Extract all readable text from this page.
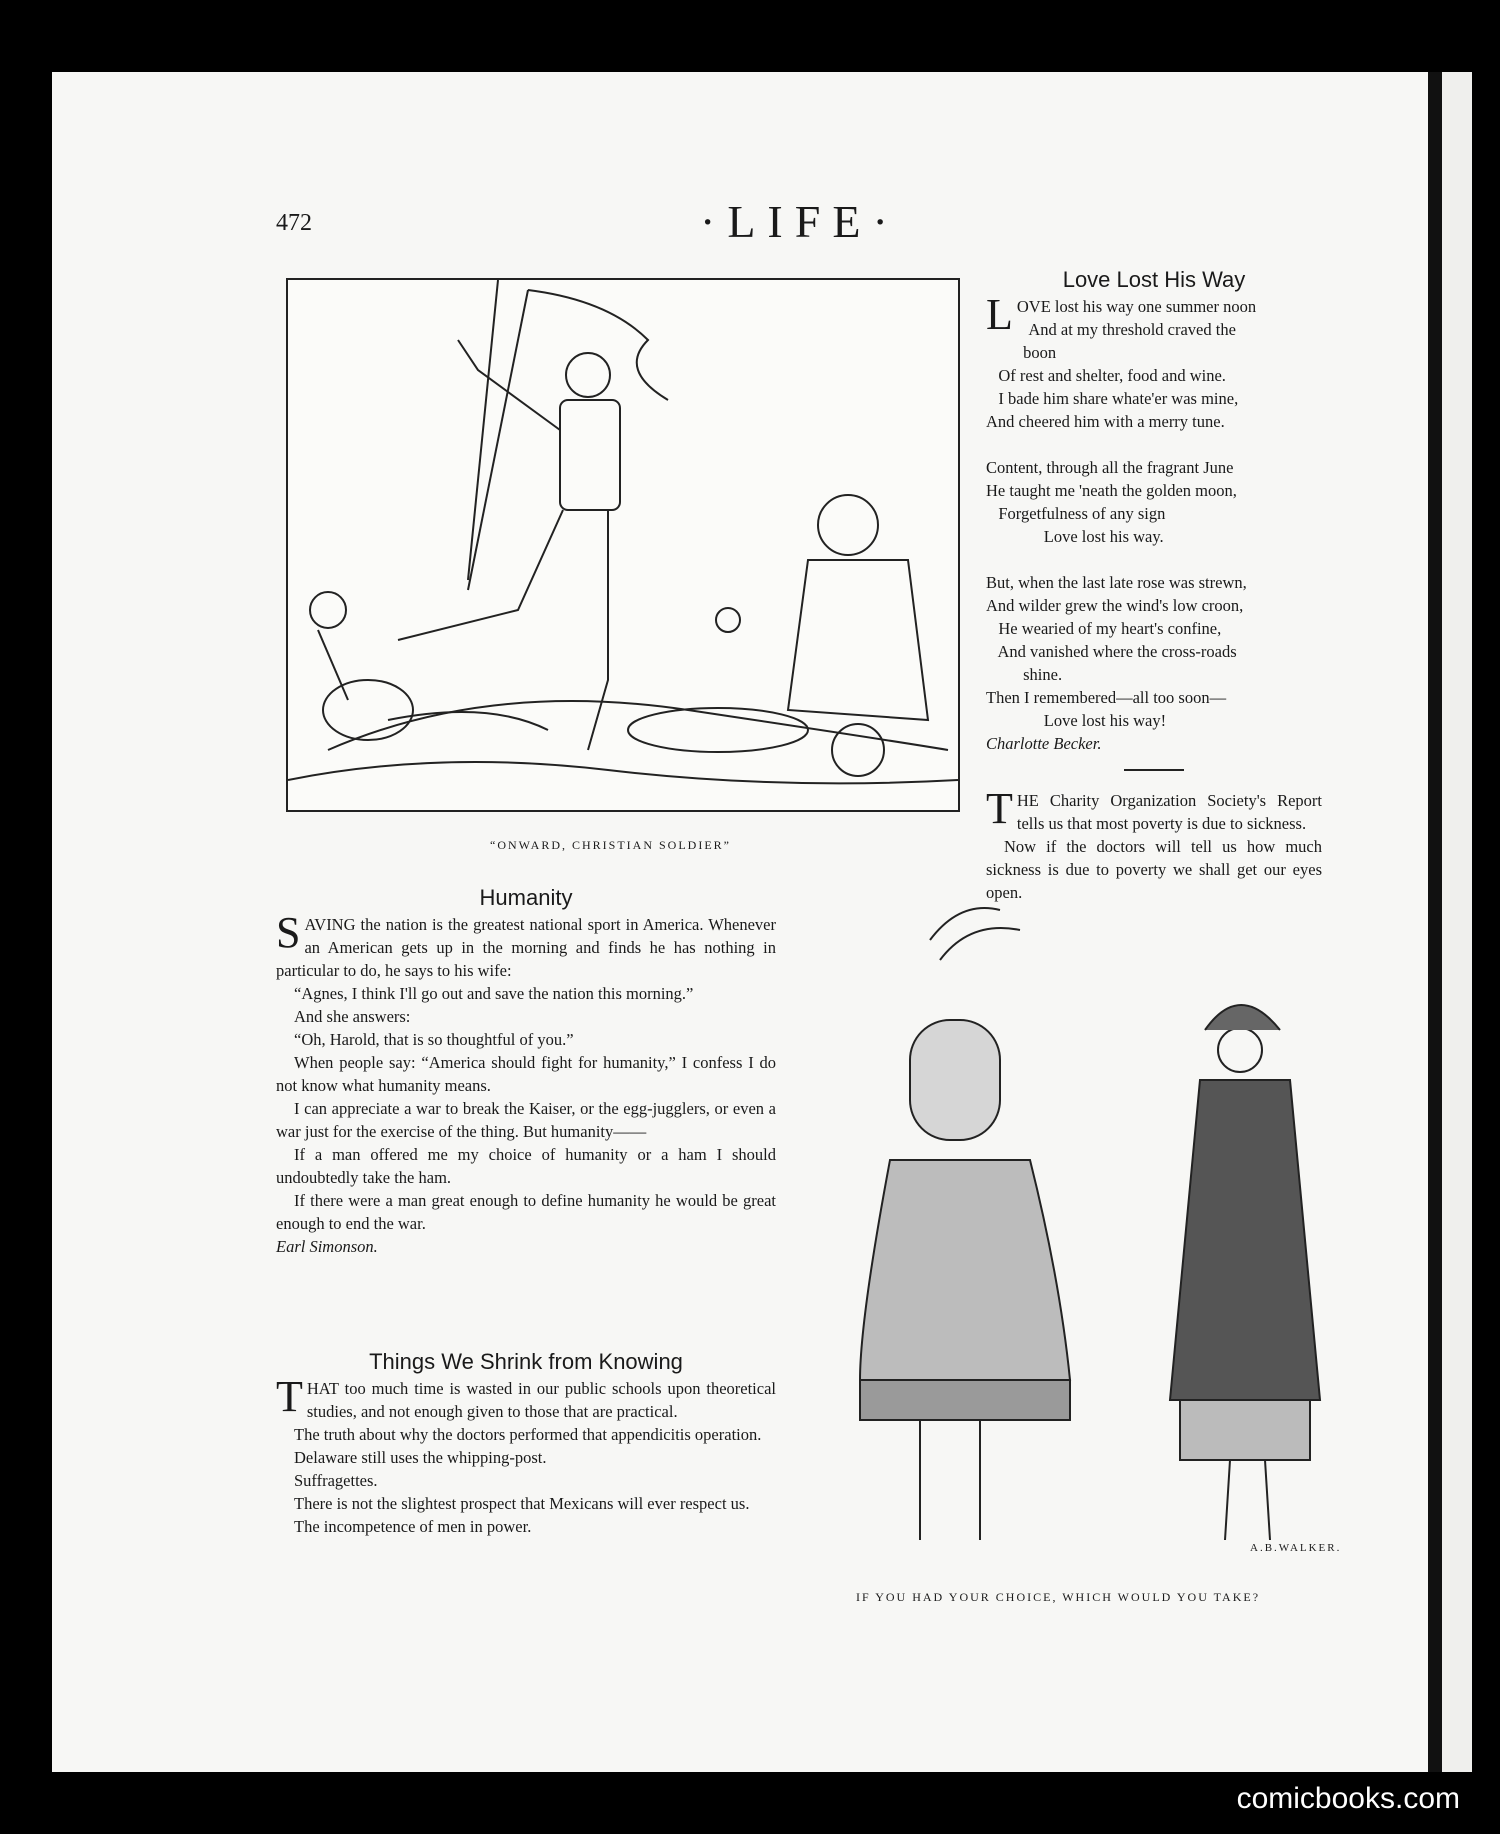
472	·LIFE·
“ONWARD, CHRISTIAN SOLDIER”
Humanity

SAVING the nation is the greatest national sport in America. Whenever an American gets up in the morning and finds he has nothing in particular to do, he says to his wife:

“Agnes, I think I'll go out and save the nation this morning.”

And she answers:

“Oh, Harold, that is so thoughtful of you.”

When people say: “America should fight for humanity,” I confess I do not know what humanity means.

I can appreciate a war to break the Kaiser, or the egg-jugglers, or even a war just for the exercise of the thing. But humanity——

If a man offered me my choice of humanity or a ham I should undoubtedly take the ham.

If there were a man great enough to define humanity he would be great enough to end the war.

Earl Simonson.

Things We Shrink from Knowing

THAT too much time is wasted in our public schools upon theoretical studies, and not enough given to those that are practical.

The truth about why the doctors performed that appendicitis operation.

Delaware still uses the whipping-post.

Suffragettes.

There is not the slightest prospect that Mexicans will ever respect us.

The incompetence of men in power.

Love Lost His Way

LOVE lost his way one summer noon

And at my threshold craved the

boon

Of rest and shelter, food and wine.

I bade him share whate'er was mine,

And cheered him with a merry tune.

Content, through all the fragrant June

He taught me 'neath the golden moon,

Forgetfulness of any sign

Love lost his way.

But, when the last late rose was strewn,

And wilder grew the wind's low croon,

He wearied of my heart's confine,

And vanished where the cross-roads

shine.

Then I remembered—all too soon—

Love lost his way!

Charlotte Becker.

THE Charity Organization Society's Report tells us that most poverty is due to sickness.

Now if the doctors will tell us how much sickness is due to poverty we shall get our eyes open.

A.B.WALKER.
IF YOU HAD YOUR CHOICE, WHICH WOULD YOU TAKE?
comicbooks.com
